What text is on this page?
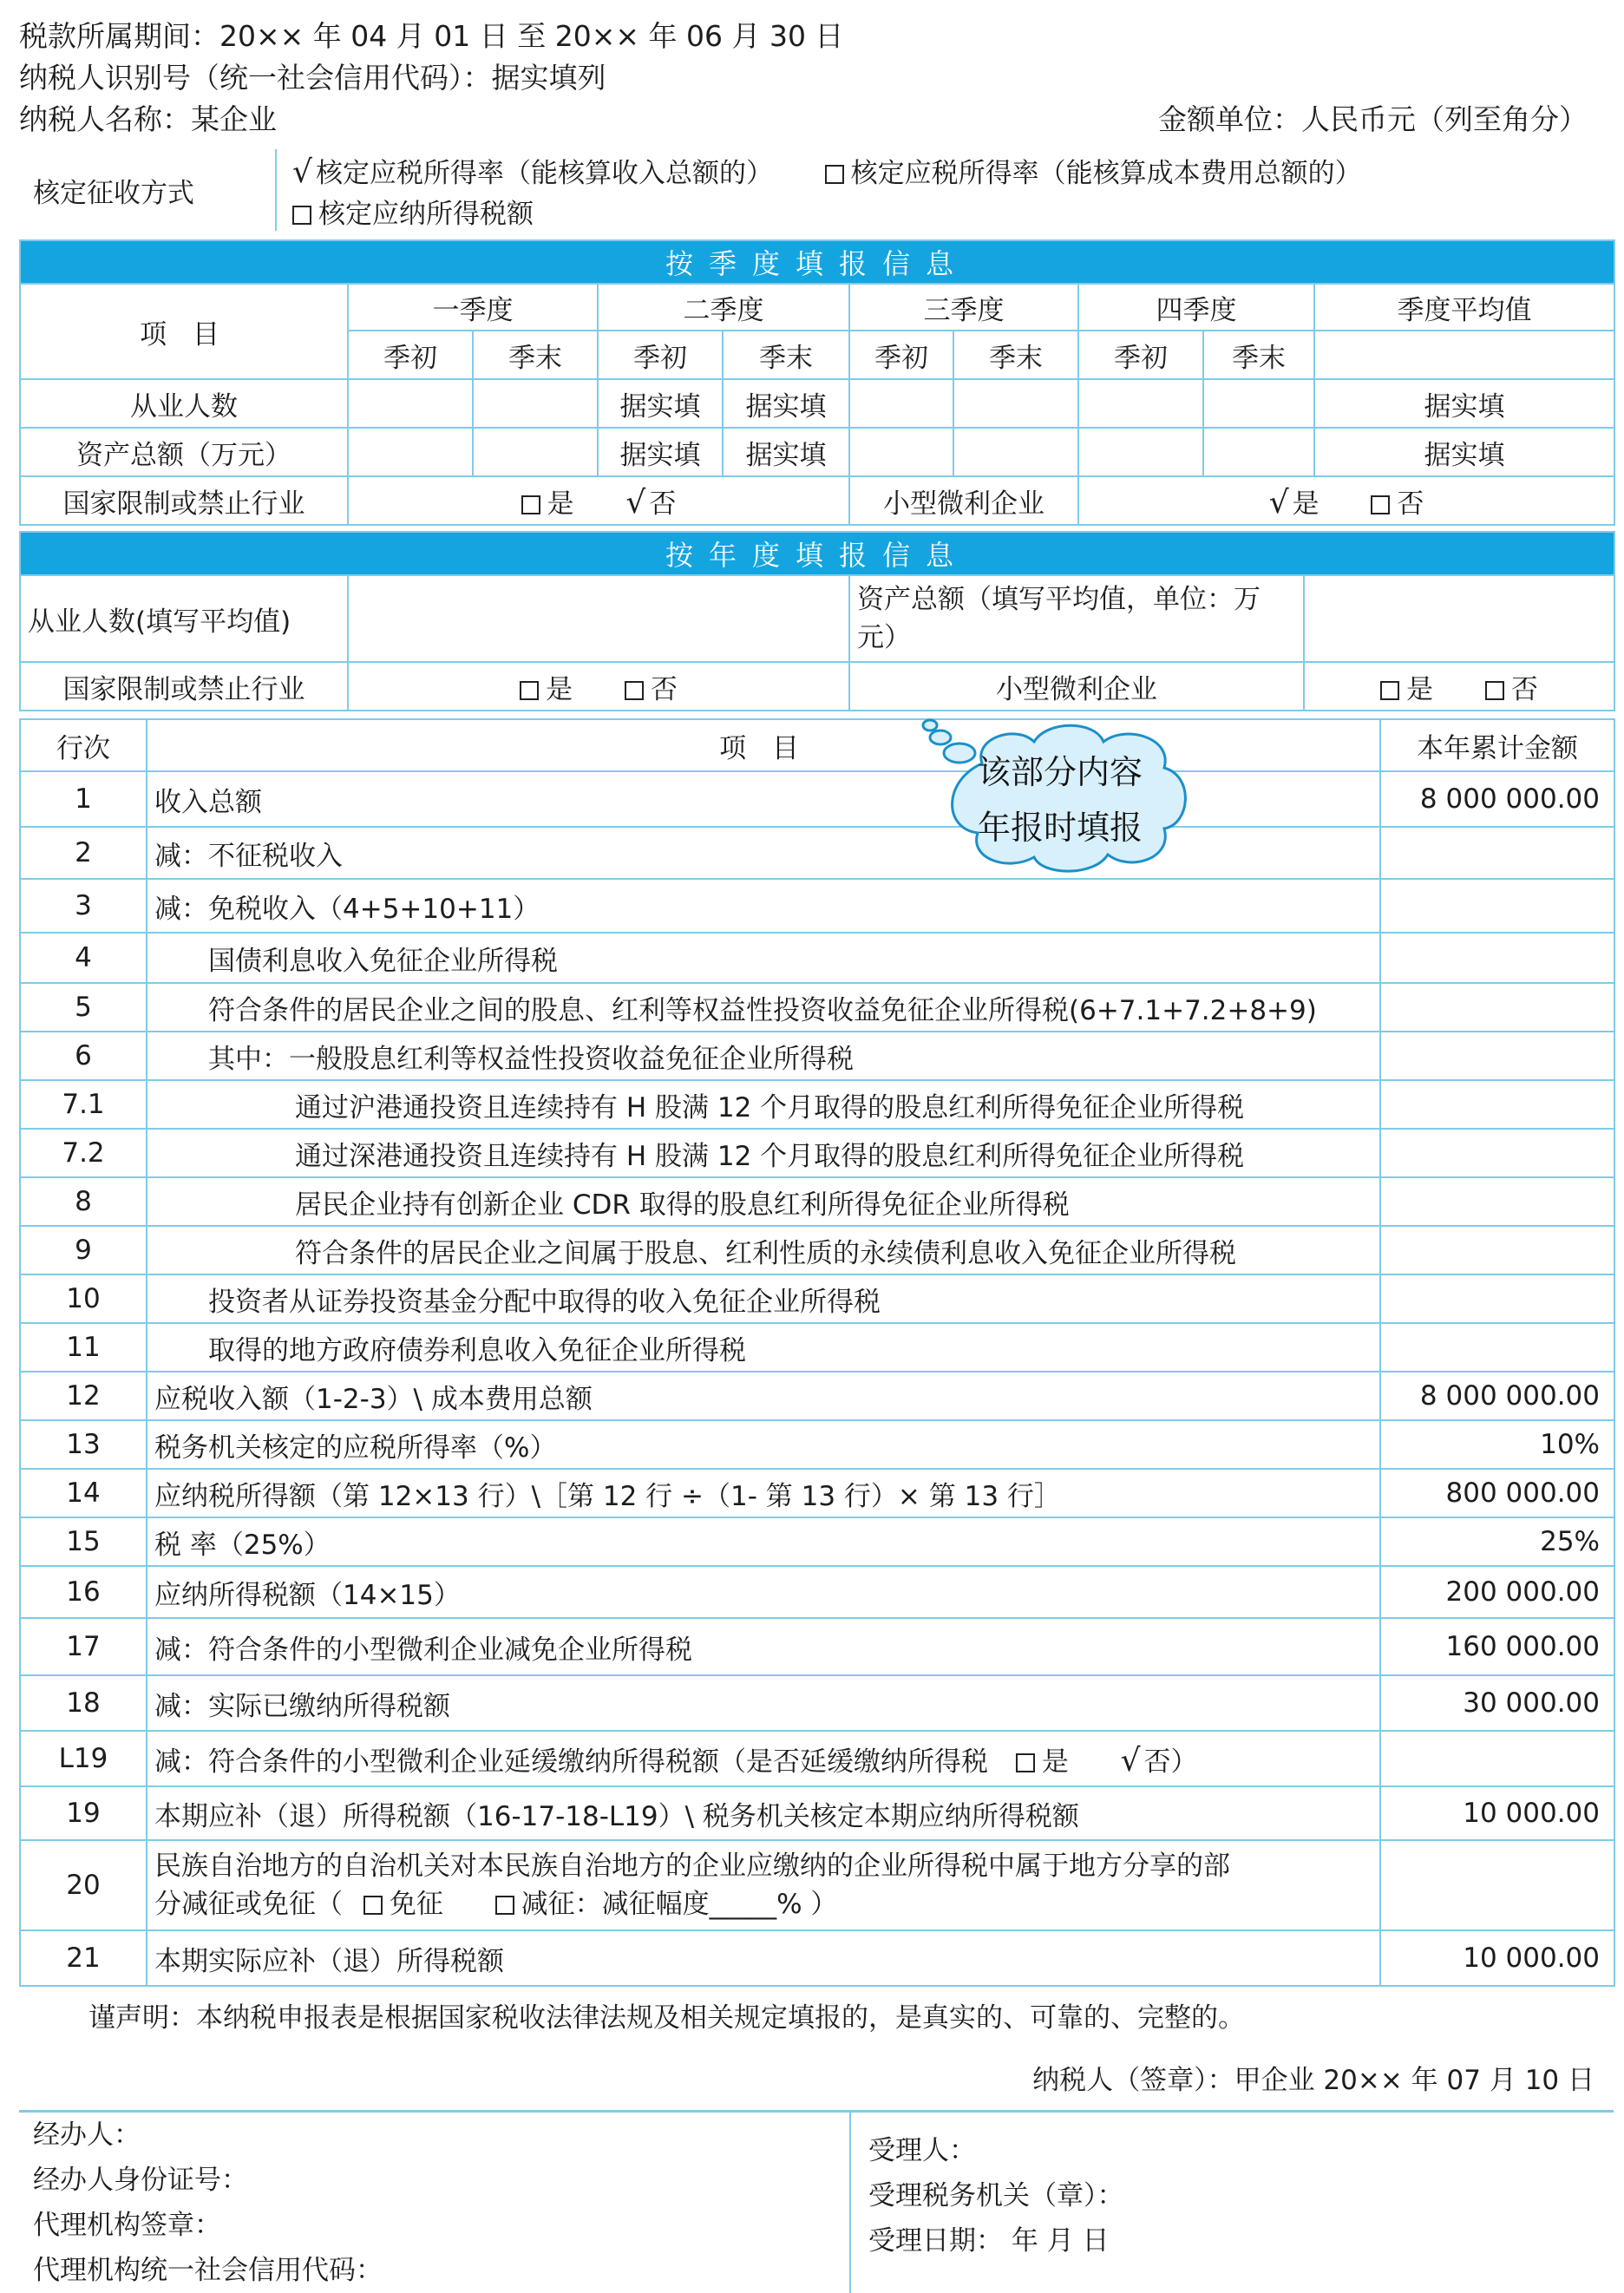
税款所属期间：20×× 年 04 月 01 日 至 20×× 年 06 月 30 日
纳税人识别号（统一社会信用代码）：据实填列
纳税人名称：某企业	金额单位：人民币元（列至角分）
核定征收方式	√ 核定应税所得率（能核算收入总额的）	核定应税所得率（能核算成本费用总额的）
核定应纳所得税额
按季度填报信息									
项 目	一季度		二季度		三季度		四季度		季度平均值
	季初	季末	季初	季末	季初	季末	季初	季末	
从业人数			据实填	据实填					据实填
资产总额（万元）			据实填	据实填					据实填
国家限制或禁止行业	是 √ 否				小型微利企业		√ 是 否		
按年度填报信息			
从业人数(填写平均值)		资产总额（填写平均值，单位：万元）	
国家限制或禁止行业	是 否	小型微利企业	是 否
行次	项 目	本年累计金额
1	收入总额	8 000 000.00
2	减：不征税收入	
3	减：免税收入（4+5+10+11）	
4	国债利息收入免征企业所得税	
5	符合条件的居民企业之间的股息、红利等权益性投资收益免征企业所得税(6+7.1+7.2+8+9)	
6	其中：一般股息红利等权益性投资收益免征企业所得税	
7.1	通过沪港通投资且连续持有 H 股满 12 个月取得的股息红利所得免征企业所得税	
7.2	通过深港通投资且连续持有 H 股满 12 个月取得的股息红利所得免征企业所得税	
8	居民企业持有创新企业 CDR 取得的股息红利所得免征企业所得税	
9	符合条件的居民企业之间属于股息、红利性质的永续债利息收入免征企业所得税	
10	投资者从证券投资基金分配中取得的收入免征企业所得税	
11	取得的地方政府债券利息收入免征企业所得税	
12	应税收入额（1-2-3）\ 成本费用总额	8 000 000.00
13	税务机关核定的应税所得率（%）	10%
14	应纳税所得额（第 12×13 行）\［第 12 行 ÷（1- 第 13 行）× 第 13 行］	800 000.00
15	税 率（25%）	25%
16	应纳所得税额（14×15）	200 000.00
17	减：符合条件的小型微利企业减免企业所得税	160 000.00
18	减：实际已缴纳所得税额	30 000.00
L19	减：符合条件的小型微利企业延缓缴纳所得税额（是否延缓缴纳所得税 是 √ 否）	
19	本期应补（退）所得税额（16-17-18-L19）\ 税务机关核定本期应纳所得税额	10 000.00
20	民族自治地方的自治机关对本民族自治地方的企业应缴纳的企业所得税中属于地方分享的部
分减征或免征（ 免征 减征：减征幅度_____% ）	

21	本期实际应补（退）所得税额	10 000.00
谨声明：本纳税申报表是根据国家税收法律法规及相关规定填报的，是真实的、可靠的、完整的。
纳税人（签章）：甲企业 20×× 年 07 月 10 日
经办人：
经办人身份证号：
代理机构签章：
代理机构统一社会信用代码：

受理人：
受理税务机关（章）：
受理日期： 年 月 日
该部分内容
年报时填报
